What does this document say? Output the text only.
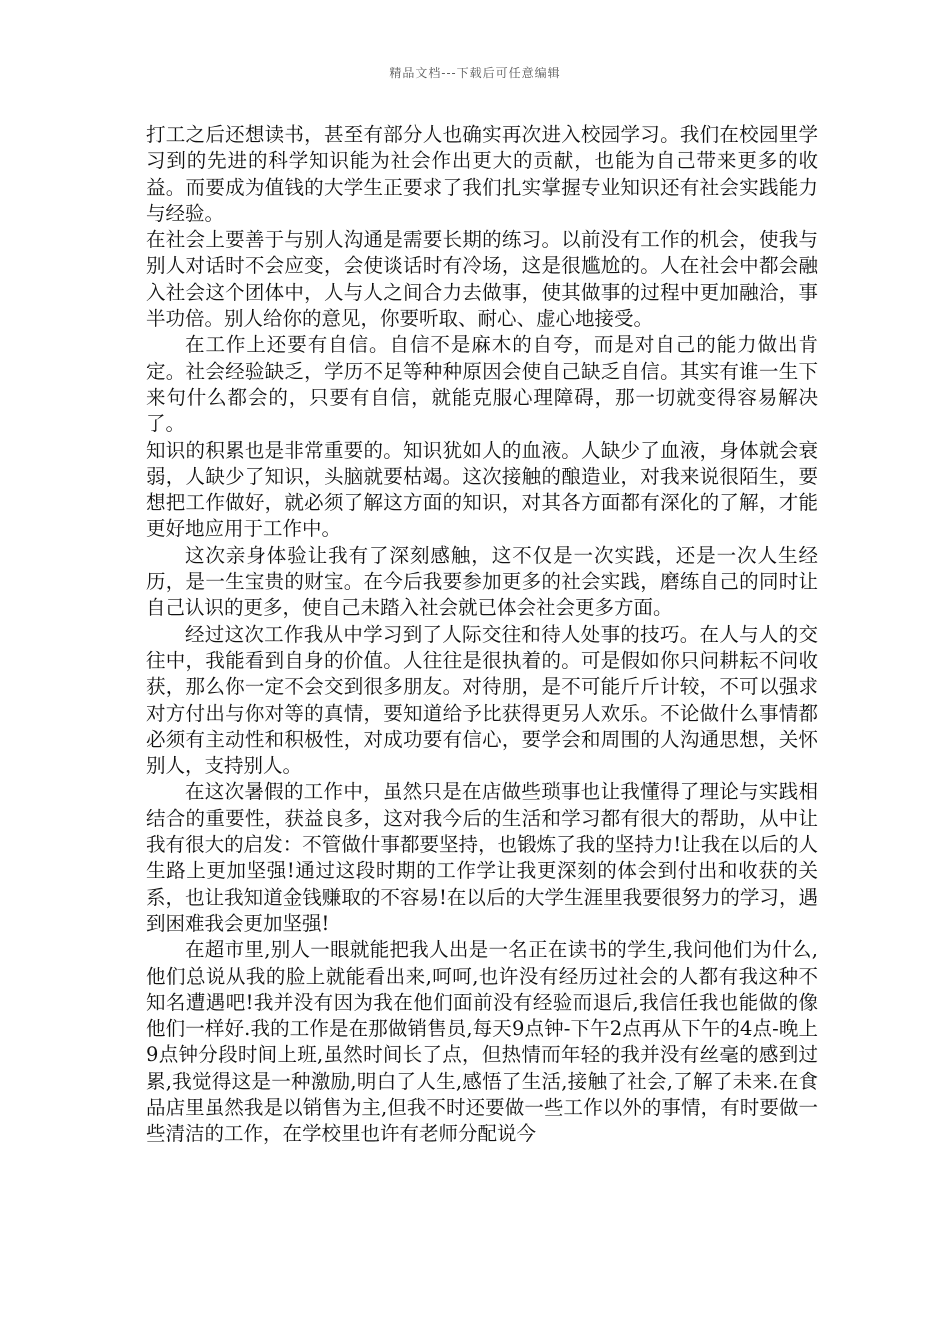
精品文档---下载后可任意编辑

打工之后还想读书，甚至有部分人也确实再次进入校园学习。我们在校园里学习到的先进的科学知识能为社会作出更大的贡献，也能为自己带来更多的收益。而要成为值钱的大学生正要求了我们扎实掌握专业知识还有社会实践能力与经验。

在社会上要善于与别人沟通是需要长期的练习。以前没有工作的机会，使我与别人对话时不会应变，会使谈话时有冷场，这是很尴尬的。人在社会中都会融入社会这个团体中，人与人之间合力去做事，使其做事的过程中更加融洽，事半功倍。别人给你的意见，你要听取、耐心、虚心地接受。

在工作上还要有自信。自信不是麻木的自夸，而是对自己的能力做出肯定。社会经验缺乏，学历不足等种种原因会使自己缺乏自信。其实有谁一生下来句什么都会的，只要有自信，就能克服心理障碍，那一切就变得容易解决了。

知识的积累也是非常重要的。知识犹如人的血液。人缺少了血液，身体就会衰弱，人缺少了知识，头脑就要枯竭。这次接触的酿造业，对我来说很陌生，要想把工作做好，就必须了解这方面的知识，对其各方面都有深化的了解，才能更好地应用于工作中。

这次亲身体验让我有了深刻感触，这不仅是一次实践，还是一次人生经历，是一生宝贵的财宝。在今后我要参加更多的社会实践，磨练自己的同时让自己认识的更多，使自己未踏入社会就已体会社会更多方面。

经过这次工作我从中学习到了人际交往和待人处事的技巧。在人与人的交往中，我能看到自身的价值。人往往是很执着的。可是假如你只问耕耘不问收获，那么你一定不会交到很多朋友。对待朋，是不可能斤斤计较，不可以强求对方付出与你对等的真情，要知道给予比获得更另人欢乐。不论做什么事情都必须有主动性和积极性，对成功要有信心，要学会和周围的人沟通思想，关怀别人，支持别人。

在这次暑假的工作中，虽然只是在店做些琐事也让我懂得了理论与实践相结合的重要性，获益良多，这对我今后的生活和学习都有很大的帮助，从中让我有很大的启发：不管做什事都要坚持，也锻炼了我的坚持力!让我在以后的人生路上更加坚强!通过这段时期的工作学让我更深刻的体会到付出和收获的关系，也让我知道金钱赚取的不容易!在以后的大学生涯里我要很努力的学习，遇到困难我会更加坚强!

在超市里,别人一眼就能把我人出是一名正在读书的学生,我问他们为什么,他们总说从我的脸上就能看出来,呵呵,也许没有经历过社会的人都有我这种不知名遭遇吧!我并没有因为我在他们面前没有经验而退后,我信任我也能做的像他们一样好.我的工作是在那做销售员,每天9点钟-下午2点再从下午的4点-晚上9点钟分段时间上班,虽然时间长了点，但热情而年轻的我并没有丝毫的感到过累,我觉得这是一种激励,明白了人生,感悟了生活,接触了社会,了解了未来.在食品店里虽然我是以销售为主,但我不时还要做一些工作以外的事情，有时要做一些清洁的工作，在学校里也许有老师分配说今
